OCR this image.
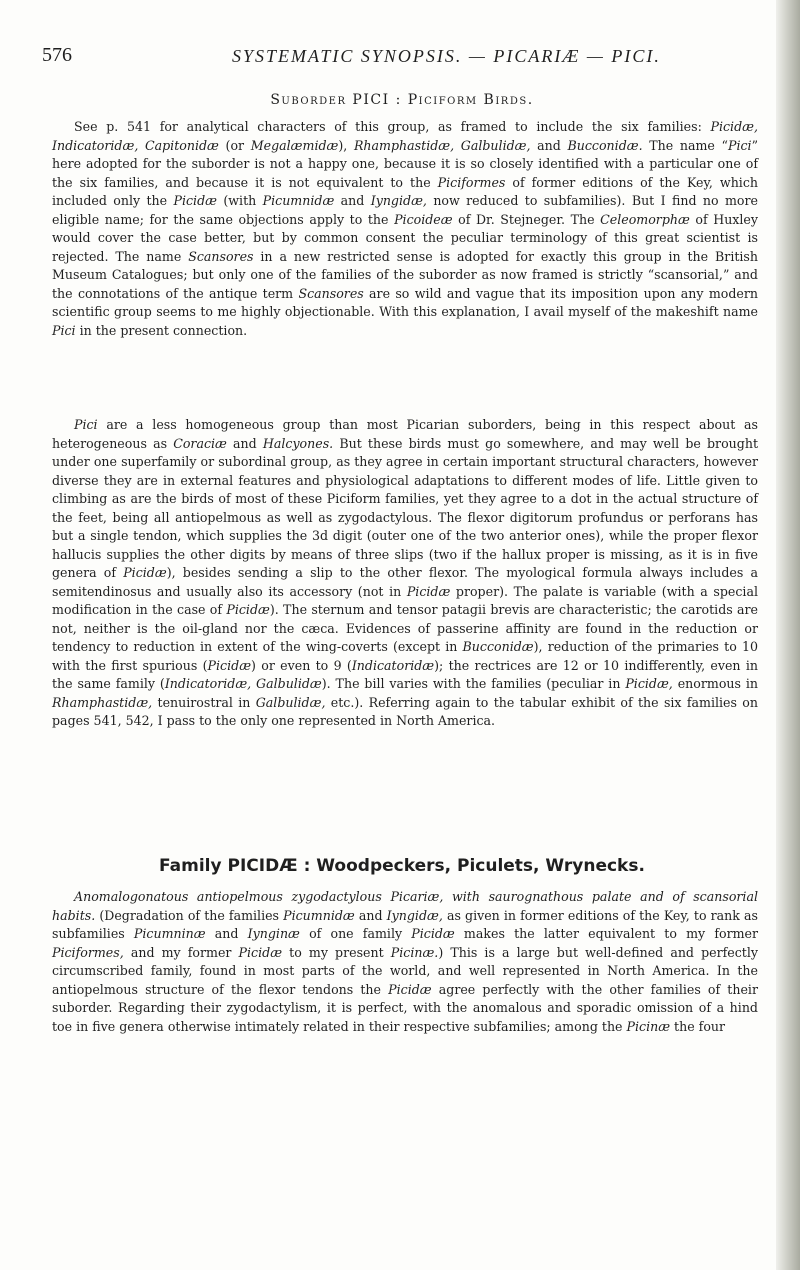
576	SYSTEMATIC SYNOPSIS. — PICARIÆ — PICI.
Suborder PICI : Piciform Birds.

See p. 541 for analytical characters of this group, as framed to include the six families: Picidæ, Indicatoridæ, Capitonidæ (or Megalæmidæ), Rhamphastidæ, Galbulidæ, and Bucconidæ. The name “Pici” here adopted for the suborder is not a happy one, because it is so closely identified with a particular one of the six families, and because it is not equivalent to the Piciformes of former editions of the Key, which included only the Picidæ (with Picumnidæ and Iyngidæ, now reduced to subfamilies). But I find no more eligible name; for the same objections apply to the Picoideæ of Dr. Stejneger. The Celeomorphæ of Huxley would cover the case better, but by common consent the peculiar terminology of this great scientist is rejected. The name Scansores in a new restricted sense is adopted for exactly this group in the British Museum Catalogues; but only one of the families of the suborder as now framed is strictly “scansorial,” and the connotations of the antique term Scansores are so wild and vague that its imposition upon any modern scientific group seems to me highly objectionable. With this explanation, I avail myself of the makeshift name Pici in the present connection.

Pici are a less homogeneous group than most Picarian suborders, being in this respect about as heterogeneous as Coraciæ and Halcyones. But these birds must go somewhere, and may well be brought under one superfamily or subordinal group, as they agree in certain important structural characters, however diverse they are in external features and physiological adaptations to different modes of life. Little given to climbing as are the birds of most of these Piciform families, yet they agree to a dot in the actual structure of the feet, being all antiopelmous as well as zygodactylous. The flexor digitorum profundus or perforans has but a single tendon, which supplies the 3d digit (outer one of the two anterior ones), while the proper flexor hallucis supplies the other digits by means of three slips (two if the hallux proper is missing, as it is in five genera of Picidæ), besides sending a slip to the other flexor. The myological formula always includes a semitendinosus and usually also its accessory (not in Picidæ proper). The palate is variable (with a special modification in the case of Picidæ). The sternum and tensor patagii brevis are characteristic; the carotids are not, neither is the oil-gland nor the cæca. Evidences of passerine affinity are found in the reduction or tendency to reduction in extent of the wing-coverts (except in Bucconidæ), reduction of the primaries to 10 with the first spurious (Picidæ) or even to 9 (Indicatoridæ); the rectrices are 12 or 10 indifferently, even in the same family (Indicatoridæ, Galbulidæ). The bill varies with the families (peculiar in Picidæ, enormous in Rhamphastidæ, tenuirostral in Galbulidæ, etc.). Referring again to the tabular exhibit of the six families on pages 541, 542, I pass to the only one represented in North America.

Family PICIDÆ : Woodpeckers, Piculets, Wrynecks.

Anomalogonatous antiopelmous zygodactylous Picariæ, with saurognathous palate and of scansorial habits. (Degradation of the families Picumnidæ and Iyngidæ, as given in former editions of the Key, to rank as subfamilies Picumninæ and Iynginæ of one family Picidæ makes the latter equivalent to my former Piciformes, and my former Picidæ to my present Picinæ.) This is a large but well-defined and perfectly circumscribed family, found in most parts of the world, and well represented in North America. In the antiopelmous structure of the flexor tendons the Picidæ agree perfectly with the other families of their suborder. Regarding their zygodactylism, it is perfect, with the anomalous and sporadic omission of a hind toe in five genera otherwise intimately related in their respective subfamilies; among the Picinæ the four
